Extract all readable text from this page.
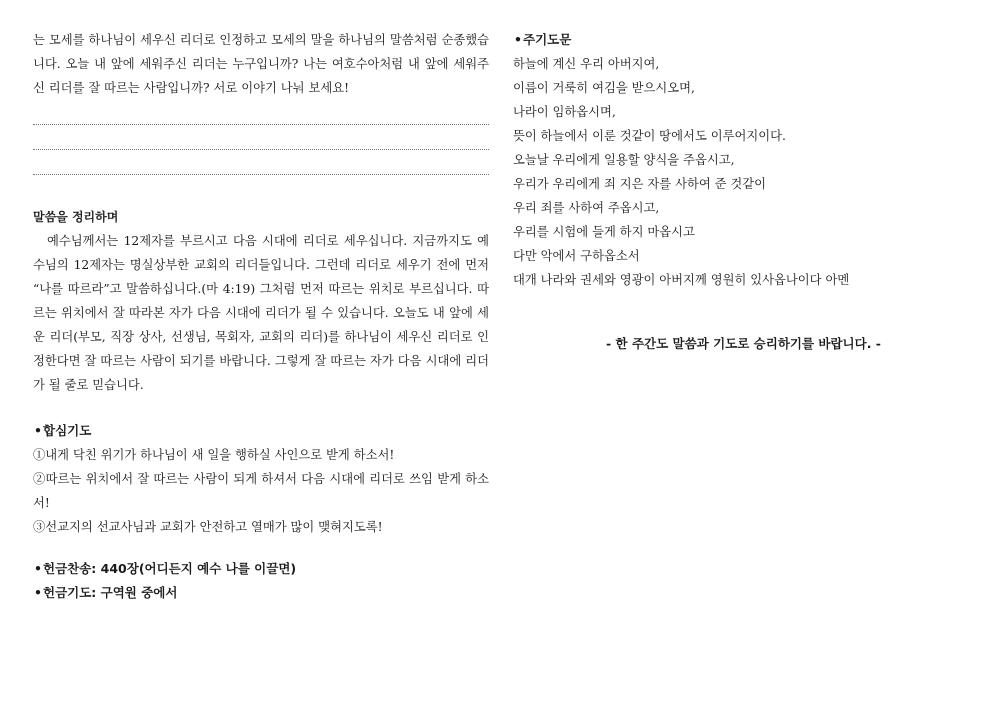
는 모세를 하나님이 세우신 리더로 인정하고 모세의 말을 하나님의 말씀처럼 순종했습니다. 오늘 내 앞에 세워주신 리더는 누구입니까? 나는 여호수아처럼 내 앞에 세워주신 리더를 잘 따르는 사람입니까? 서로 이야기 나눠 보세요!

말씀을 정리하며

예수님께서는 12제자를 부르시고 다음 시대에 리더로 세우십니다. 지금까지도 예수님의 12제자는 명실상부한 교회의 리더들입니다. 그런데 리더로 세우기 전에 먼저 “나를 따르라”고 말씀하십니다.(마 4:19) 그처럼 먼저 따르는 위치로 부르십니다. 따르는 위치에서 잘 따라본 자가 다음 시대에 리더가 될 수 있습니다. 오늘도 내 앞에 세운 리더(부모, 직장 상사, 선생님, 목회자, 교회의 리더)를 하나님이 세우신 리더로 인정한다면 잘 따르는 사람이 되기를 바랍니다. 그렇게 잘 따르는 자가 다음 시대에 리더가 될 줄로 믿습니다.

•합심기도

①내게 닥친 위기가 하나님이 새 일을 행하실 사인으로 받게 하소서!

②따르는 위치에서 잘 따르는 사람이 되게 하셔서 다음 시대에 리더로 쓰임 받게 하소서!

③선교지의 선교사님과 교회가 안전하고 열매가 많이 맺혀지도록!

•헌금찬송: 440장(어디든지 예수 나를 이끌면)

•헌금기도: 구역원 중에서

•주기도문

하늘에 계신 우리 아버지여,

이름이 거룩히 여김을 받으시오며,

나라이 임하옵시며,

뜻이 하늘에서 이룬 것같이 땅에서도 이루어지이다.

오늘날 우리에게 일용할 양식을 주옵시고,

우리가 우리에게 죄 지은 자를 사하여 준 것같이

우리 죄를 사하여 주옵시고,

우리를 시험에 들게 하지 마옵시고

다만 악에서 구하옵소서

대개 나라와 권세와 영광이 아버지께 영원히 있사옵나이다 아멘

- 한 주간도 말씀과 기도로 승리하기를 바랍니다. -
